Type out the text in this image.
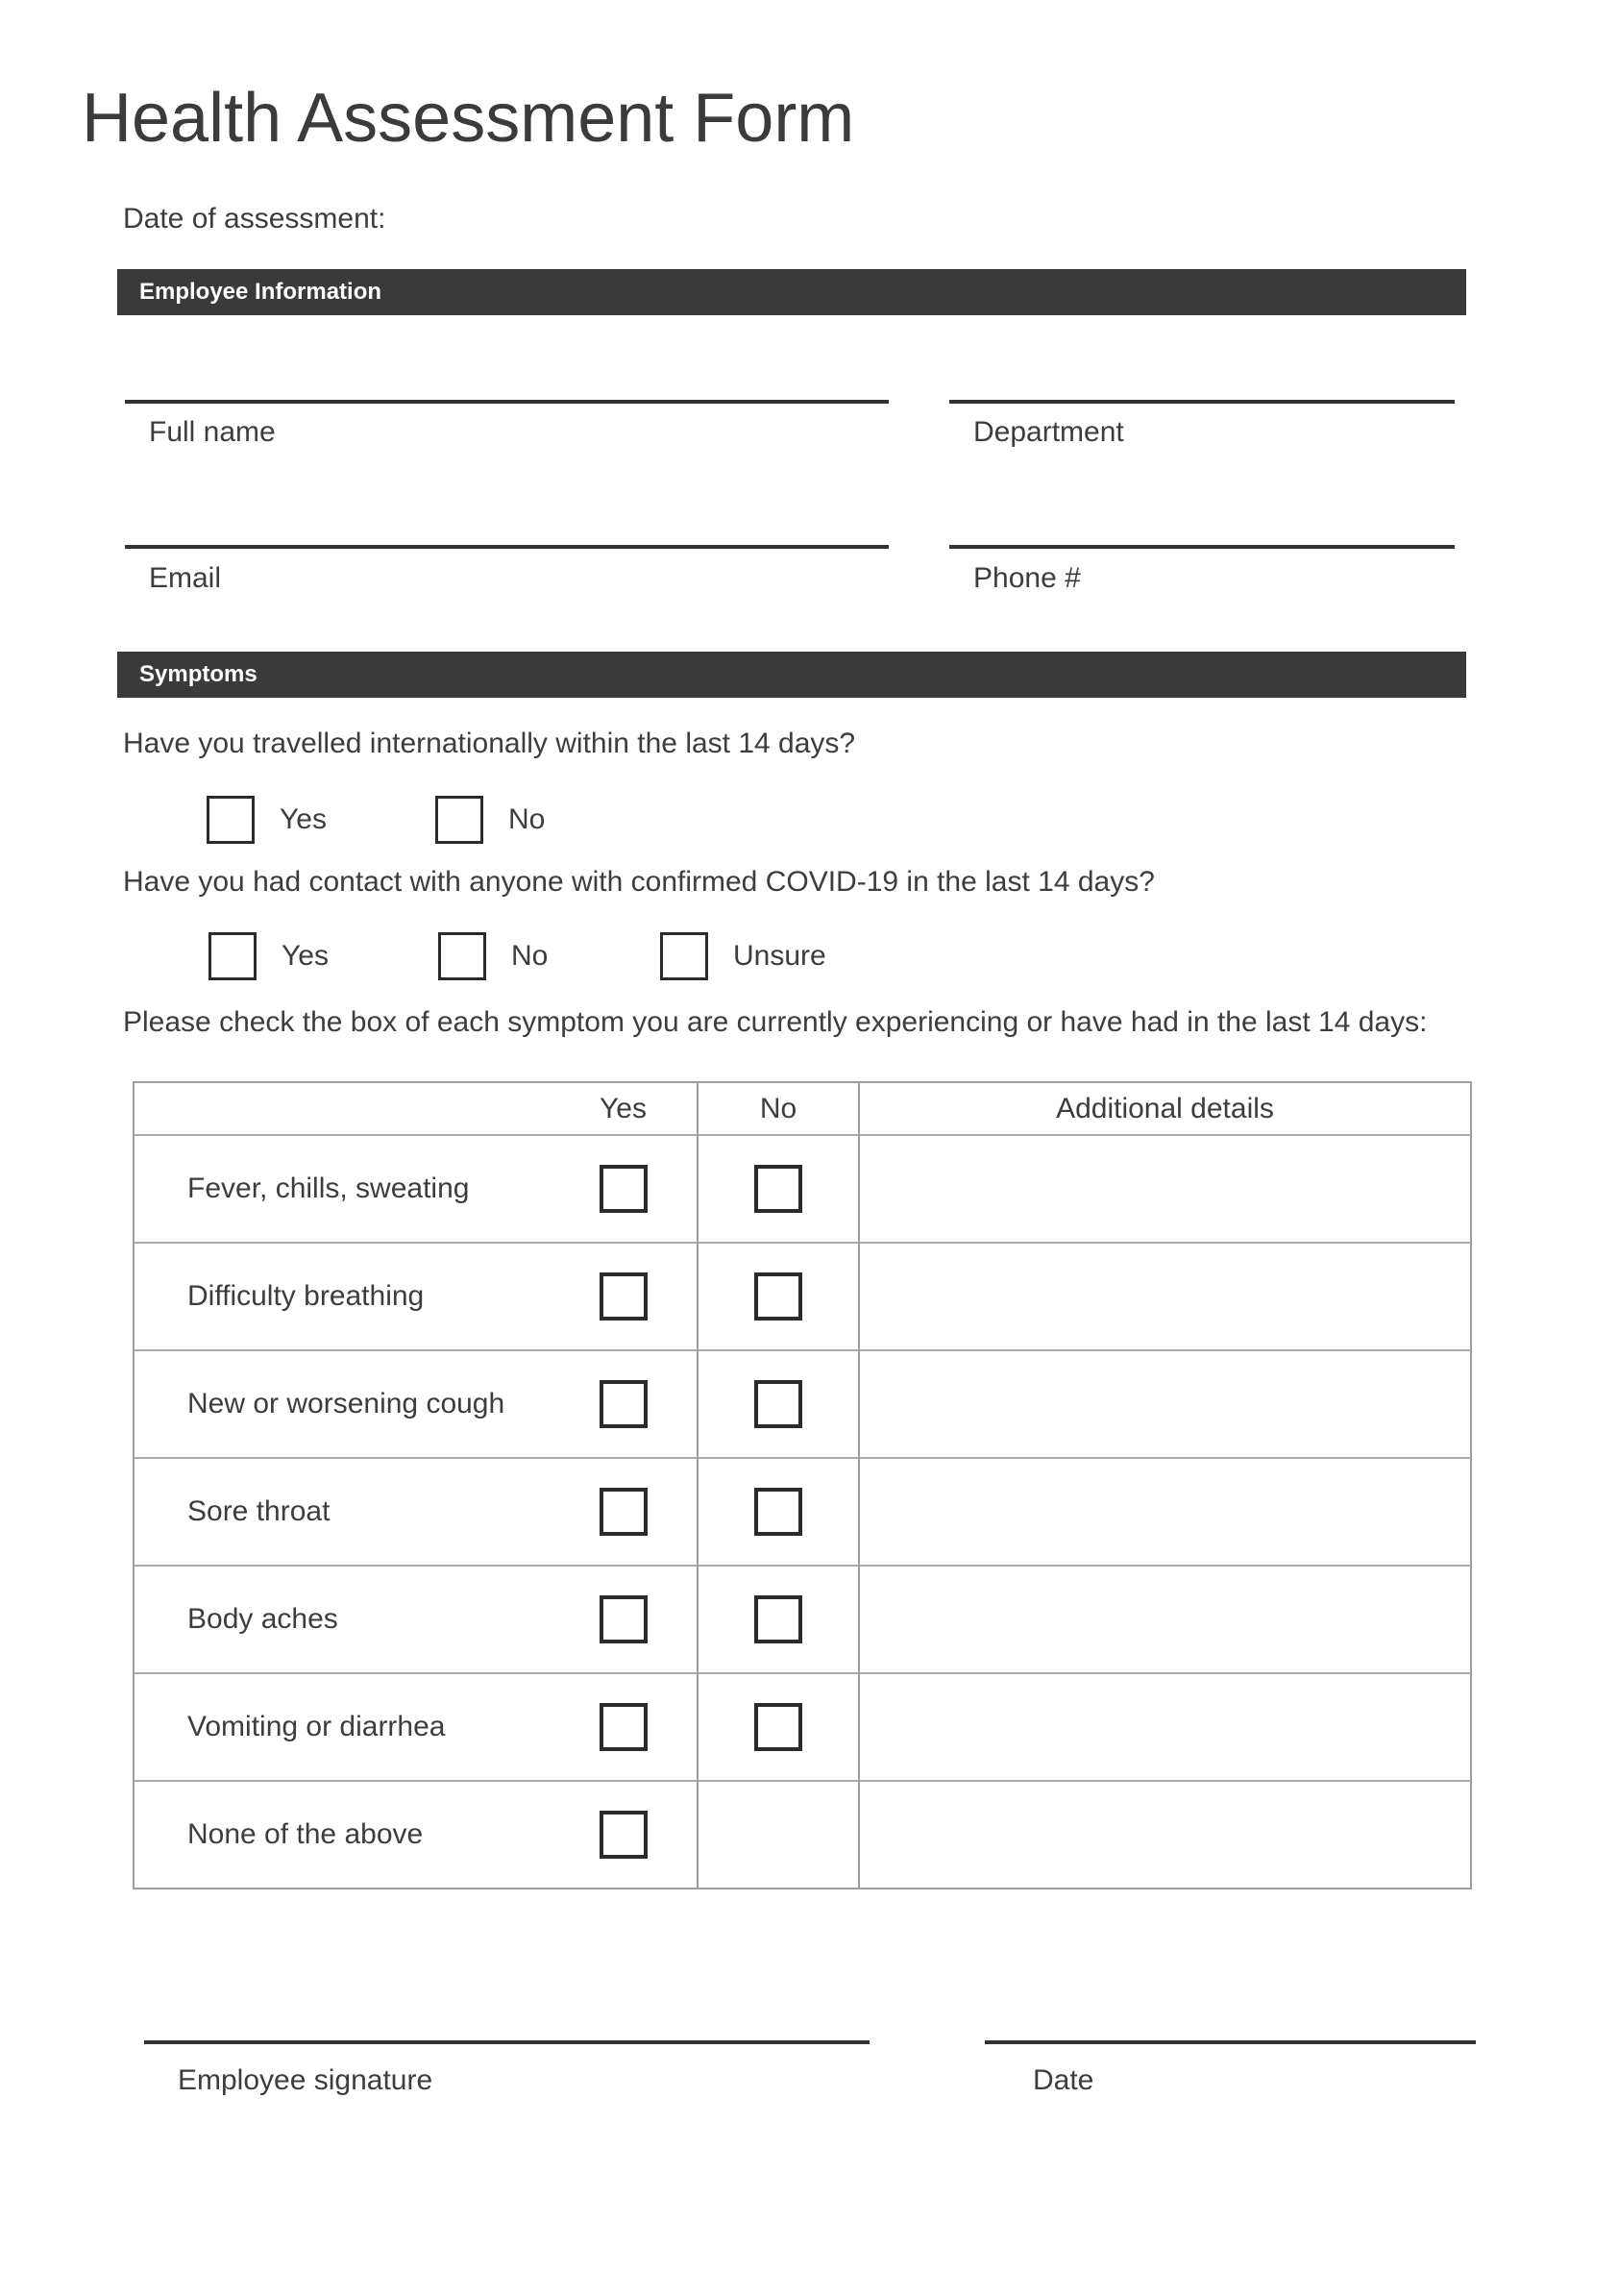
Health Assessment Form
Date of assessment:
Employee Information
Full name	Department
Email	Phone #
Symptoms
Have you travelled internationally within the last 14 days?
Yes	No
Have you had contact with anyone with confirmed COVID-19 in the last 14 days?
Yes	No	Unsure
Please check the box of each symptom you are currently experiencing or have had in the last 14 days:
Yes	No	Additional details
Fever, chills, sweating
Difficulty breathing
New or worsening cough
Sore throat
Body aches
Vomiting or diarrhea
None of the above
Employee signature	Date
